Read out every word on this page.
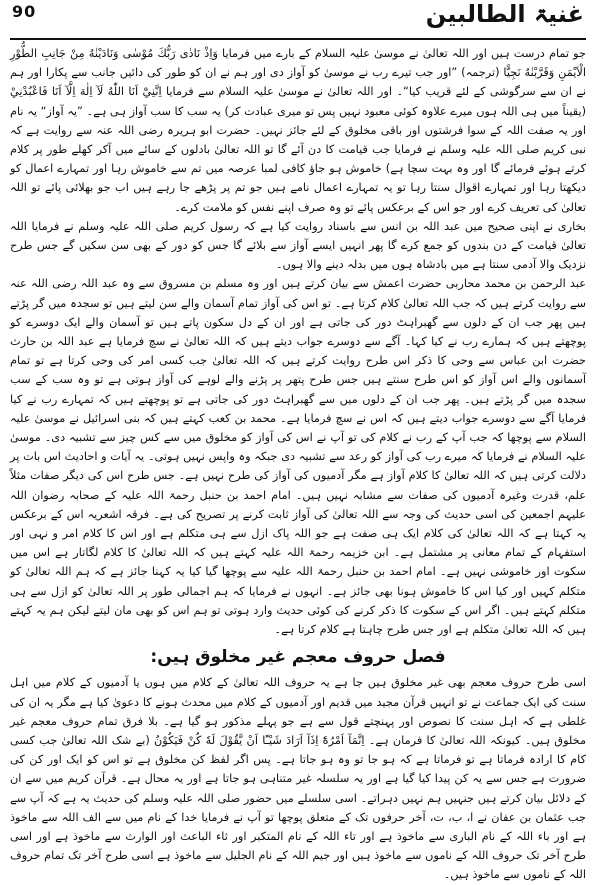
90	غنیۃ الطالبین

جو تمام درست ہیں اور اللہ تعالیٰ نے موسیٰ علیہ السلام کے بارے میں فرمایا وَاِذْ نَادٰى رَبُّكَ مُوْسٰى وَنَادَيْنٰهُ مِنْ جَانِبِ الطُّوْرِ الْاَيْمَنِ وَقَرَّبْنٰهُ نَجِيًّا (ترجمہ) ”اور جب تیرے رب نے موسیٰ کو آواز دی اور ہم نے ان کو طور کی دائیں جانب سے پکارا اور ہم نے ان سے سرگوشی کے لئے قریب کیا“۔ اور اللہ تعالیٰ نے موسیٰ علیہ السلام سے فرمایا اِنَّنِيْٓ اَنَا اللّٰهُ لَآ اِلٰهَ اِلَّآ اَنَا فَاعْبُدْنِيْ (یقیناً میں ہی اللہ ہوں میرے علاوہ کوئی معبود نہیں پس تو میری عبادت کر) یہ سب کا سب آواز ہی ہے۔ ”یہ آواز“ یہ نام اور یہ صفت اللہ کے سوا فرشتوں اور باقی مخلوق کے لئے جائز نہیں۔ حضرت ابو ہریرہ رضی اللہ عنہ سے روایت ہے کہ نبی کریم صلی اللہ علیہ وسلم نے فرمایا جب قیامت کا دن آئے گا تو اللہ تعالیٰ بادلوں کے سائے میں آکر کھلے طور پر کلام کرتے ہوئے فرمائے گا اور وہ بہت سچا ہے) خاموش ہو جاؤ کافی لمبا عرصہ میں تم سے خاموش رہا اور تمہارے اعمال کو دیکھتا رہا اور تمہارے اقوال سنتا رہا تو یہ تمہارے اعمال نامے ہیں جو تم پر پڑھے جا رہے ہیں اب جو بھلائی پائے تو اللہ تعالیٰ کی تعریف کرے اور جو اس کے برعکس پائے تو وہ صرف اپنے نفس کو ملامت کرے۔

بخاری نے اپنی صحیح میں عبد اللہ بن انس سے باسناد روایت کیا ہے کہ رسول کریم صلی اللہ علیہ وسلم نے فرمایا اللہ تعالیٰ قیامت کے دن بندوں کو جمع کرے گا پھر انہیں ایسے آواز سے بلائے گا جس کو دور کے بھی سن سکیں گے جس طرح نزدیک والا آدمی سنتا ہے میں بادشاہ ہوں میں بدلہ دینے والا ہوں۔

عبد الرحمن بن محمد محاربی حضرت اعمش سے بیان کرتے ہیں اور وہ مسلم بن مسروق سے وہ عبد اللہ رضی اللہ عنہ سے روایت کرتے ہیں کہ جب اللہ تعالیٰ کلام کرتا ہے۔ تو اس کی آواز تمام آسمان والے سن لیتے ہیں تو سجدہ میں گر پڑتے ہیں پھر جب ان کے دلوں سے گھبراہٹ دور کی جاتی ہے اور ان کے دل سکون پاتے ہیں تو آسمان والے ایک دوسرے کو پوچھتے ہیں کہ ہمارے رب نے کیا کہا۔ آگے سے دوسرے جواب دیتے ہیں کہ اللہ تعالیٰ نے سچ فرمایا ہے عبد اللہ بن حارث حضرت ابن عباس سے وحی کا ذکر اس طرح روایت کرتے ہیں کہ اللہ تعالیٰ جب کسی امر کی وحی کرتا ہے تو تمام آسمانوں والے اس آواز کو اس طرح سنتے ہیں جس طرح پتھر پر پڑنے والے لوہے کی آواز ہوتی ہے تو وہ سب کے سب سجدہ میں گر پڑتے ہیں۔ پھر جب ان کے دلوں میں سے گھبراہٹ دور کی جاتی ہے تو پوچھتے ہیں کہ تمہارے رب نے کیا فرمایا آگے سے دوسرے جواب دیتے ہیں کہ اس نے سچ فرمایا ہے۔ محمد بن کعب کہتے ہیں کہ بنی اسرائیل نے موسیٰ علیہ السلام سے پوچھا کہ جب آپ کے رب نے کلام کی تو آپ نے اس کی آواز کو مخلوق میں سے کس چیز سے تشبیہ دی۔ موسیٰ علیہ السلام نے فرمایا کہ میرے رب کی آواز کو رعد سے تشبیہ دی جبکہ وہ واپس نہیں ہوتی۔ یہ آیات و احادیث اس بات پر دلالت کرتی ہیں کہ اللہ تعالیٰ کا کلام آواز ہے مگر آدمیوں کی آواز کی طرح نہیں ہے۔ جس طرح اس کی دیگر صفات مثلاً علم، قدرت وغیرہ آدمیوں کی صفات سے مشابہ نہیں ہیں۔ امام احمد بن حنبل رحمۃ اللہ علیہ کے صحابہ رضوان اللہ علیہم اجمعین کی اسی حدیث کی وجہ سے اللہ تعالیٰ کی آواز ثابت کرنے پر تصریح کی ہے۔ فرقہ اشعریہ اس کے برعکس یہ کہتا ہے کہ اللہ تعالیٰ کی کلام ایک ہی صفت ہے جو اللہ پاک ازل سے ہی متکلم ہے اور اس کا کلام امر و نہی اور استفہام کے تمام معانی پر مشتمل ہے۔ ابن خزیمہ رحمۃ اللہ علیہ کہتے ہیں کہ اللہ تعالیٰ کا کلام لگاتار ہے اس میں سکوت اور خاموشی نہیں ہے۔ امام احمد بن حنبل رحمۃ اللہ علیہ سے پوچھا گیا کیا یہ کہنا جائز ہے کہ ہم اللہ تعالیٰ کو متکلم کہیں اور کیا اس کا خاموش ہونا بھی جائز ہے۔ انہوں نے فرمایا کہ ہم اجمالی طور پر اللہ تعالیٰ کو ازل سے ہی متکلم کہتے ہیں۔ اگر اس کے سکوت کا ذکر کرنے کی کوئی حدیث وارد ہوتی تو ہم اس کو بھی مان لیتے لیکن ہم یہ کہتے ہیں کہ اللہ تعالیٰ متکلم ہے اور جس طرح چاہتا ہے کلام کرتا ہے۔

فصل حروف معجم غیر مخلوق ہیں:

اسی طرح حروف معجم بھی غیر مخلوق ہیں جا ہے یہ حروف اللہ تعالیٰ کے کلام میں ہوں یا آدمیوں کے کلام میں اہل سنت کی ایک جماعت نے تو انہیں قرآن مجید میں قدیم اور آدمیوں کے کلام میں محدث ہونے کا دعویٰ کیا ہے مگر یہ ان کی غلطی ہے کہ اہل سنت کا نصوص اور پہنچتے قول سے ہے جو پہلے مذکور ہو گیا ہے۔ بلا فرق تمام حروف معجم غیر مخلوق ہیں۔ کیونکہ اللہ تعالیٰ کا فرمان ہے۔ اِنَّمَآ اَمْرُهٗٓ اِذَآ اَرَادَ شَيْـًٔا اَنْ يَّقُوْلَ لَهٗ كُنْ فَيَكُوْنُ (بے شک اللہ تعالیٰ جب کسی کام کا ارادہ فرماتا ہے تو فرماتا ہے کہ ہو جا تو وہ ہو جاتا ہے۔ پس اگر لفظ کن مخلوق ہے تو اس کو ایک اور کن کی ضرورت ہے جس سے یہ کن پیدا کیا گیا ہے اور یہ سلسلہ غیر متناہی ہو جاتا ہے اور یہ محال ہے۔ قرآن کریم میں سے ان کے دلائل بیان کرتے ہیں جنہیں ہم نہیں دہراتے۔ اسی سلسلے میں حضور صلی اللہ علیہ وسلم کی حدیث یہ ہے کہ آپ سے جب عثمان بن عفان نے ا، ب، ت، آخر حرفوں تک کے متعلق پوچھا تو آپ نے فرمایا خدا کے نام میں سے الف اللہ سے ماخوذ ہے اور باء اللہ کے نام الباری سے ماخوذ ہے اور تاء اللہ کے نام المتکبر اور ثاء الباعث اور الوارث سے ماخوذ ہے اور اسی طرح آخر تک حروف اللہ کے ناموں سے ماخوذ ہیں اور جیم اللہ کے نام الجلیل سے ماخوذ ہے اسی طرح آخر تک تمام حروف اللہ کے ناموں سے ماخوذ ہیں۔
